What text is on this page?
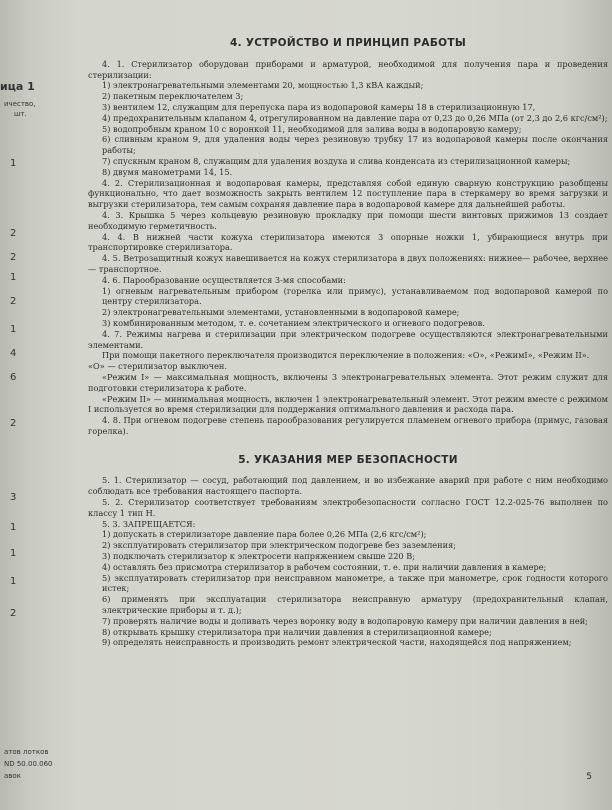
ица 1
ичество,
шт.
1
2
2
1
2
1
4
6
2
3
1
1
1
2
атов лотков
ND 50.00.060
авок
4. УСТРОЙСТВО И ПРИНЦИП РАБОТЫ

4. 1. Стерилизатор оборудован приборами и арматурой, необходимой для получения пара и проведения стерилизации:

1) электронагревательными элементами 20, мощностью 1,3 кВА каждый;

2) пакетным переключателем 3;

3) вентилем 12, служащим для перепуска пара из водопаровой камеры 18 в стерилизационную 17,

4) предохранительным клапаном 4, отрегулированном на давление пара от 0,23 до 0,26 МПа (от 2,3 до 2,6 кгс/см²);

5) водопробным краном 10 с воронкой 11, необходимой для залива воды в водопаровую камеру;

6) сливным краном 9, для удаления воды через резиновую трубку 17 из водопаровой камеры после окончания работы;

7) спускным краном 8, служащим для удаления воздуха и слива конденсата из стерилизационной камеры;

8) двумя манометрами 14, 15.

4. 2. Стерилизационная и водопаровая камеры, представляя собой единую сварную конструкцию разобщены функционально, что дает возможность закрыть вентилем 12 поступление пара в стеркамеру во время загрузки и выгрузки стерилизатора, тем самым сохраняя давление пара в водопаровой камере для дальнейшей работы.

4. 3. Крышка 5 через кольцевую резиновую прокладку при помощи шести винтовых прижимов 13 создает необходимую герметичность.

4. 4. В нижней части кожуха стерилизатора имеются 3 опорные ножки 1, убирающиеся внутрь при транспортировке стерилизатора.

4. 5. Ветрозащитный кожух навешивается на кожух стерилизатора в двух положениях: нижнее— рабочее, верхнее — транспортное.

4. 6. Парообразование осуществляется 3-мя способами:

1) огневым нагревательным прибором (горелка или примус), устанавливаемом под водопаровой камерой по центру стерилизатора.

2) электронагревательными элементами, установленными в водопаровой камере;

3) комбинированным методом, т. е. сочетанием электрического и огневого подогревов.

4. 7. Режимы нагрева и стерилизации при электрическом подогреве осуществляются электронагревательными элементами.

При помощи пакетного переключателя производится переключение в положения: «О», «РежимI», «Режим II».

«О» — стерилизатор выключен.

«Режим I» — максимальная мощность, включены 3 электронагревательных элемента. Этот режим служит для подготовки стерилизатора к работе.

«Режим II» — минимальная мощность, включен 1 электронагревательный элемент. Этот режим вместе с режимом I используется во время стерилизации для поддержания оптимального давления и расхода пара.

4. 8. При огневом подогреве степень парообразования регулируется пламенем огневого прибора (примус, газовая горелка).

5. УКАЗАНИЯ МЕР БЕЗОПАСНОСТИ

5. 1. Стерилизатор — сосуд, работающий под давлением, и во избежание аварий при работе с ним необходимо соблюдать все требования настоящего паспорта.

5. 2. Стерилизатор соответствует требованиям электробезопасности согласно ГОСТ 12.2-025-76 выполнен по классу 1 тип Н.

5. 3. ЗАПРЕЩАЕТСЯ:

1) допускать в стерилизаторе давление пара более 0,26 МПа (2,6 кгс/см²);

2) эксплуатировать стерилизатор при электрическом подогреве без заземления;

3) подключать стерилизатор к электросети напряжением свыше 220 В;

4) оставлять без присмотра стерилизатор в рабочем состоянии, т. е. при наличии давления в камере;

5) эксплуатировать стерилизатор при неисправном манометре, а также при манометре, срок годности которого истек;

6) применять при эксплуатации стерилизатора неисправную арматуру (предохранительный клапан, электрические приборы и т. д.);

7) проверять наличие воды и доливать через воронку воду в водопаровую камеру при наличии давления в ней;

8) открывать крышку стерилизатора при наличии давления в стерилизационной камере;

9) определять неисправность и производить ремонт электрической части, находящейся под напряжением;

5
